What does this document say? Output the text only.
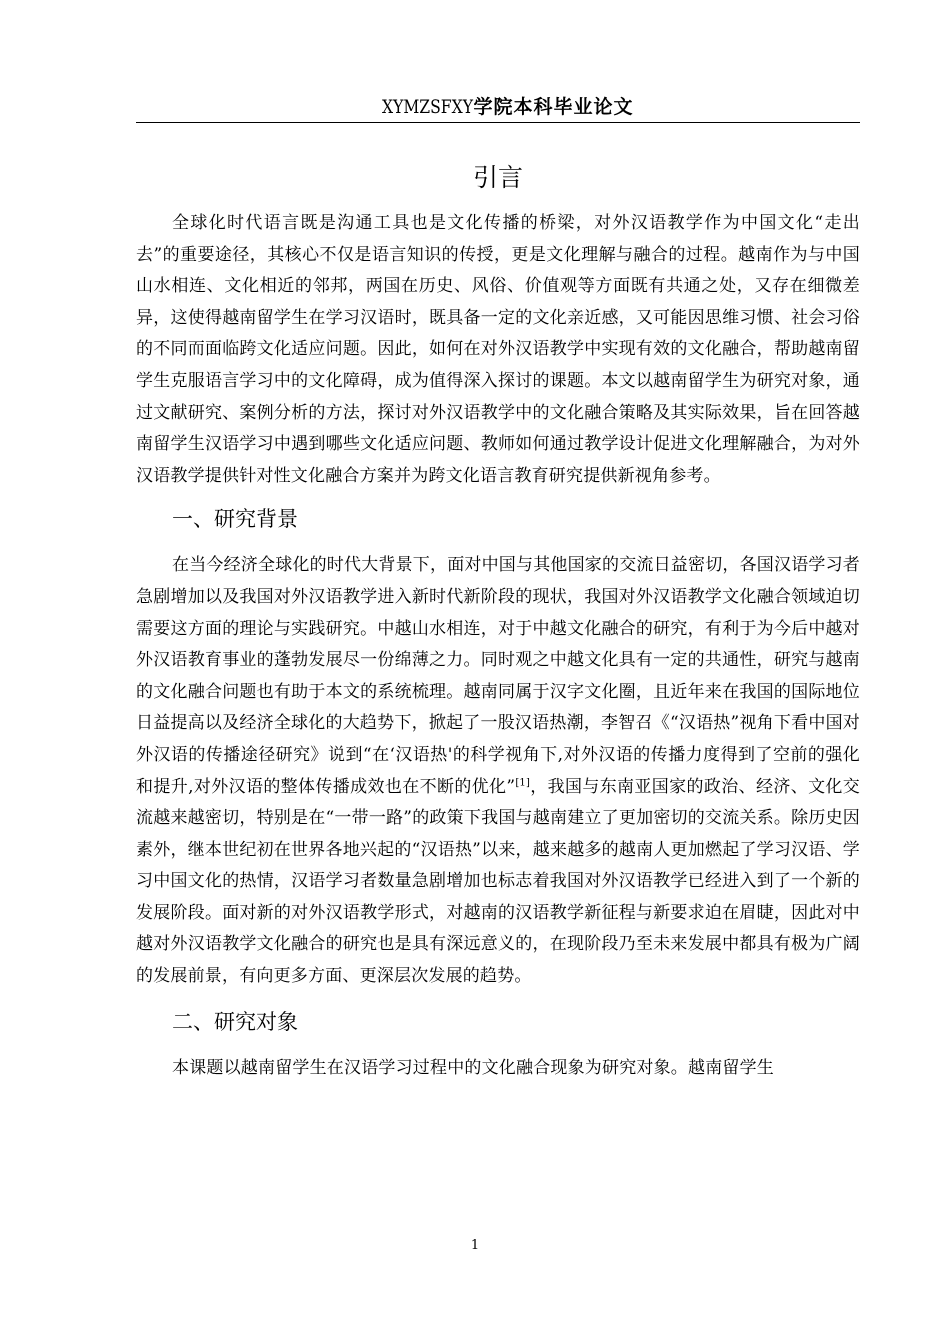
XYMZSFXY学院本科毕业论文
引言

全球化时代语言既是沟通工具也是文化传播的桥梁，对外汉语教学作为中国文化“走出去”的重要途径，其核心不仅是语言知识的传授，更是文化理解与融合的过程。越南作为与中国山水相连、文化相近的邻邦，两国在历史、风俗、价值观等方面既有共通之处，又存在细微差异，这使得越南留学生在学习汉语时，既具备一定的文化亲近感，又可能因思维习惯、社会习俗的不同而面临跨文化适应问题。因此，如何在对外汉语教学中实现有效的文化融合，帮助越南留学生克服语言学习中的文化障碍，成为值得深入探讨的课题。本文以越南留学生为研究对象，通过文献研究、案例分析的方法，探讨对外汉语教学中的文化融合策略及其实际效果，旨在回答越南留学生汉语学习中遇到哪些文化适应问题、教师如何通过教学设计促进文化理解融合，为对外汉语教学提供针对性文化融合方案并为跨文化语言教育研究提供新视角参考。

一、研究背景

在当今经济全球化的时代大背景下，面对中国与其他国家的交流日益密切，各国汉语学习者急剧增加以及我国对外汉语教学进入新时代新阶段的现状，我国对外汉语教学文化融合领域迫切需要这方面的理论与实践研究。中越山水相连，对于中越文化融合的研究，有利于为今后中越对外汉语教育事业的蓬勃发展尽一份绵薄之力。同时观之中越文化具有一定的共通性，研究与越南的文化融合问题也有助于本文的系统梳理。越南同属于汉字文化圈，且近年来在我国的国际地位日益提高以及经济全球化的大趋势下，掀起了一股汉语热潮，李智召《“汉语热”视角下看中国对外汉语的传播途径研究》说到“在‘汉语热'的科学视角下,对外汉语的传播力度得到了空前的强化和提升,对外汉语的整体传播成效也在不断的优化”[1]，我国与东南亚国家的政治、经济、文化交流越来越密切，特别是在“一带一路”的政策下我国与越南建立了更加密切的交流关系。除历史因素外，继本世纪初在世界各地兴起的“汉语热”以来，越来越多的越南人更加燃起了学习汉语、学习中国文化的热情，汉语学习者数量急剧增加也标志着我国对外汉语教学已经进入到了一个新的发展阶段。面对新的对外汉语教学形式，对越南的汉语教学新征程与新要求迫在眉睫，因此对中越对外汉语教学文化融合的研究也是具有深远意义的，在现阶段乃至未来发展中都具有极为广阔的发展前景，有向更多方面、更深层次发展的趋势。

二、研究对象

本课题以越南留学生在汉语学习过程中的文化融合现象为研究对象。越南留学生

1
